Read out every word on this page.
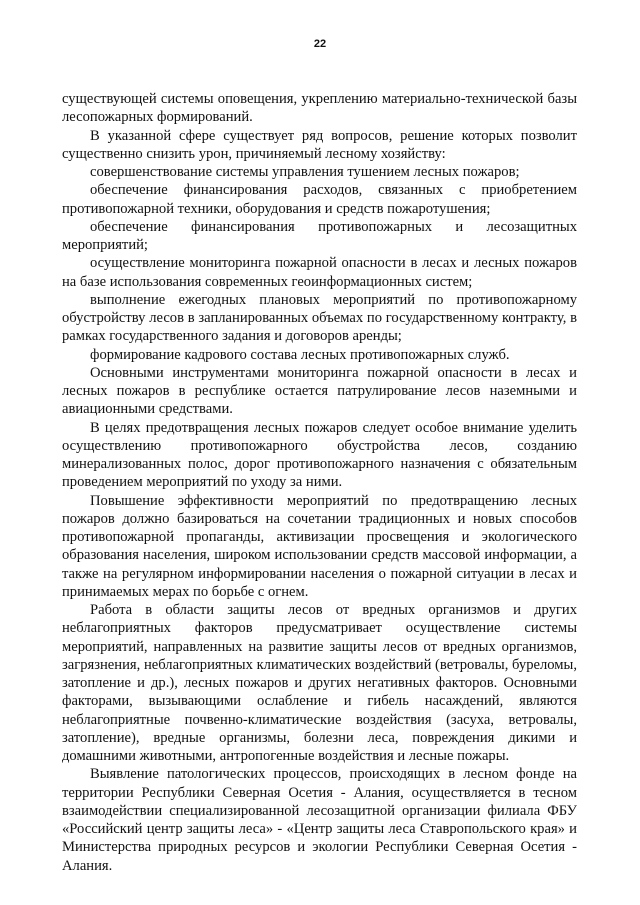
22

существующей системы оповещения, укреплению материально-технической базы лесопожарных формирований.

В указанной сфере существует ряд вопросов, решение которых позволит существенно снизить урон, причиняемый лесному хозяйству:

совершенствование системы управления тушением лесных пожаров;

обеспечение финансирования расходов, связанных с приобретением противопожарной техники, оборудования и средств пожаротушения;

обеспечение финансирования противопожарных и лесозащитных мероприятий;

осуществление мониторинга пожарной опасности в лесах и лесных пожаров на базе использования современных геоинформационных систем;

выполнение ежегодных плановых мероприятий по противопожарному обустройству лесов в запланированных объемах по государственному контракту, в рамках государственного задания и договоров аренды;

формирование кадрового состава лесных противопожарных служб.

Основными инструментами мониторинга пожарной опасности в лесах и лесных пожаров в республике остается патрулирование лесов наземными и авиационными средствами.

В целях предотвращения лесных пожаров следует особое внимание уделить осуществлению противопожарного обустройства лесов, созданию минерализованных полос, дорог противопожарного назначения с обязательным проведением мероприятий по уходу за ними.

Повышение эффективности мероприятий по предотвращению лесных пожаров должно базироваться на сочетании традиционных и новых способов противопожарной пропаганды, активизации просвещения и экологического образования населения, широком использовании средств массовой информации, а также на регулярном информировании населения о пожарной ситуации в лесах и принимаемых мерах по борьбе с огнем.

Работа в области защиты лесов от вредных организмов и других неблагоприятных факторов предусматривает осуществление системы мероприятий, направленных на развитие защиты лесов от вредных организмов, загрязнения, неблагоприятных климатических воздействий (ветровалы, буреломы, затопление и др.), лесных пожаров и других негативных факторов. Основными факторами, вызывающими ослабление и гибель насаждений, являются неблагоприятные почвенно-климатические воздействия (засуха, ветровалы, затопление), вредные организмы, болезни леса, повреждения дикими и домашними животными, антропогенные воздействия и лесные пожары.

Выявление патологических процессов, происходящих в лесном фонде на территории Республики Северная Осетия - Алания, осуществляется в тесном взаимодействии специализированной лесозащитной организации филиала ФБУ «Российский центр защиты леса» - «Центр защиты леса Ставропольского края» и Министерства природных ресурсов и экологии Республики Северная Осетия - Алания.
